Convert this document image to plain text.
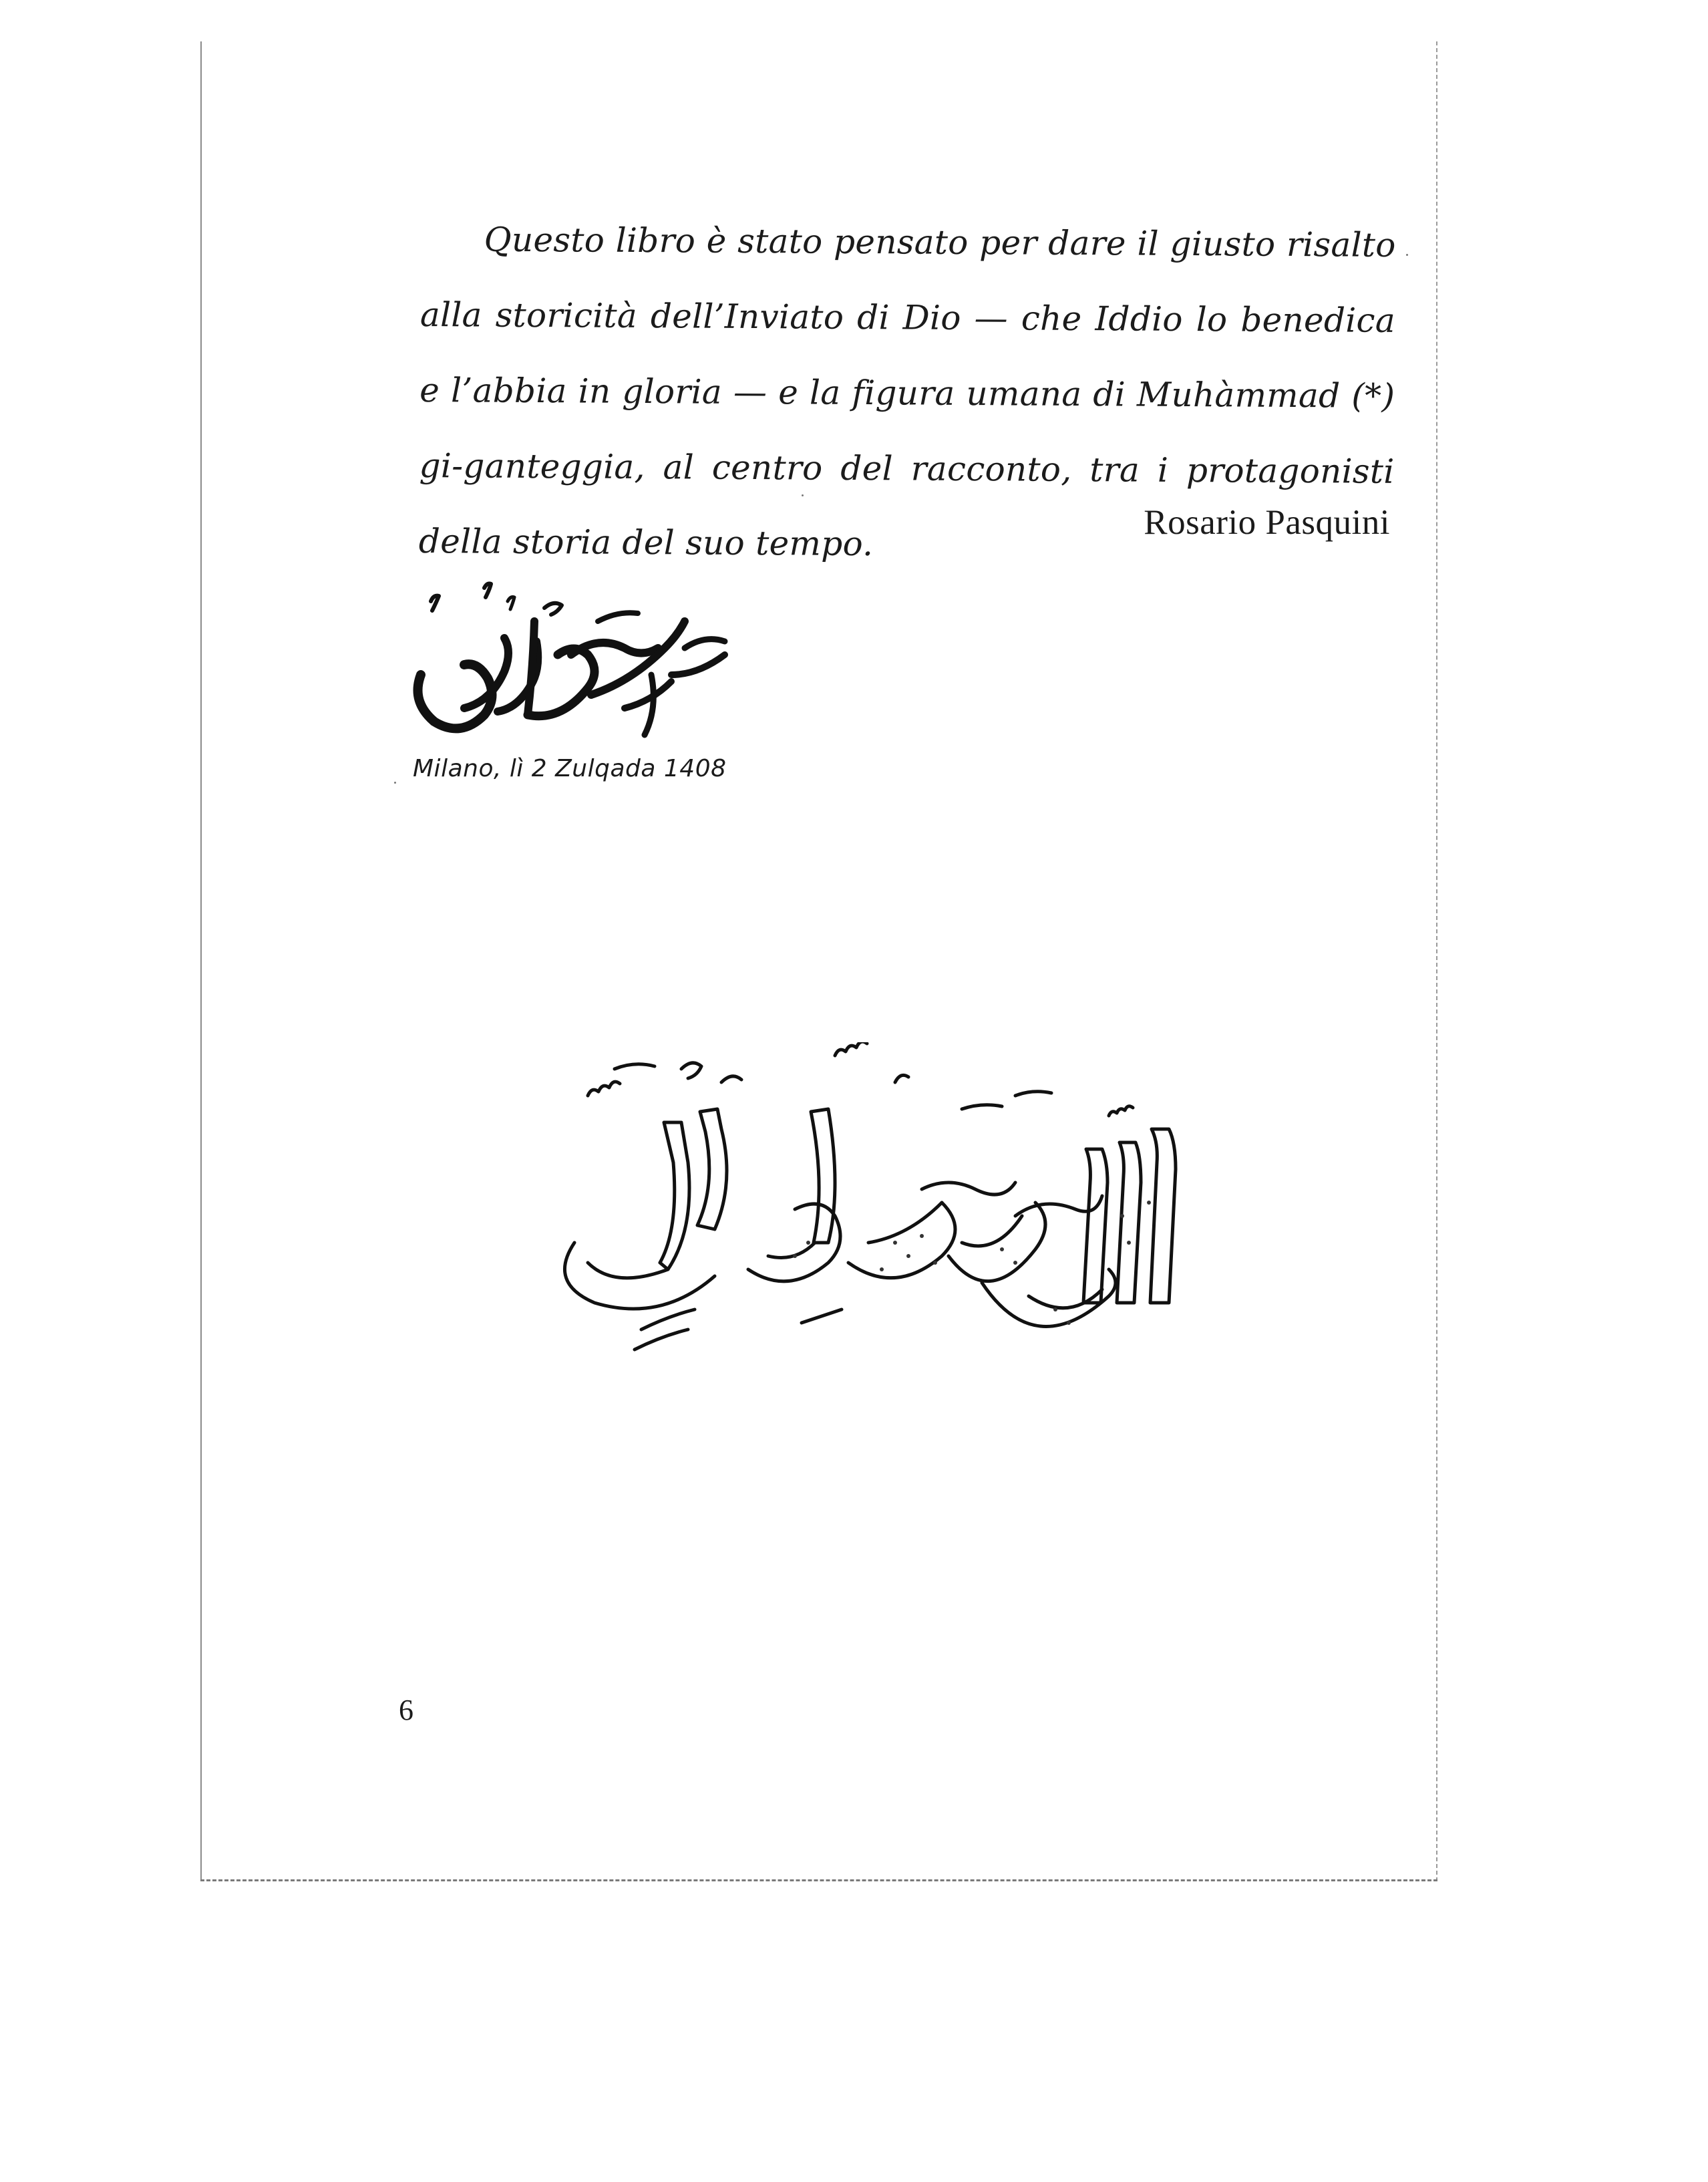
Questo libro è stato pensato per dare il giusto risalto alla storicità dell’Inviato di Dio — che Iddio lo benedica e l’abbia in gloria — e la figura umana di Muhàmmad (*) gi-ganteggia, al centro del racconto, tra i protagonisti della storia del suo tempo.	Rosario Pasquini
Milano, lì 2 Zulqada 1408
6
